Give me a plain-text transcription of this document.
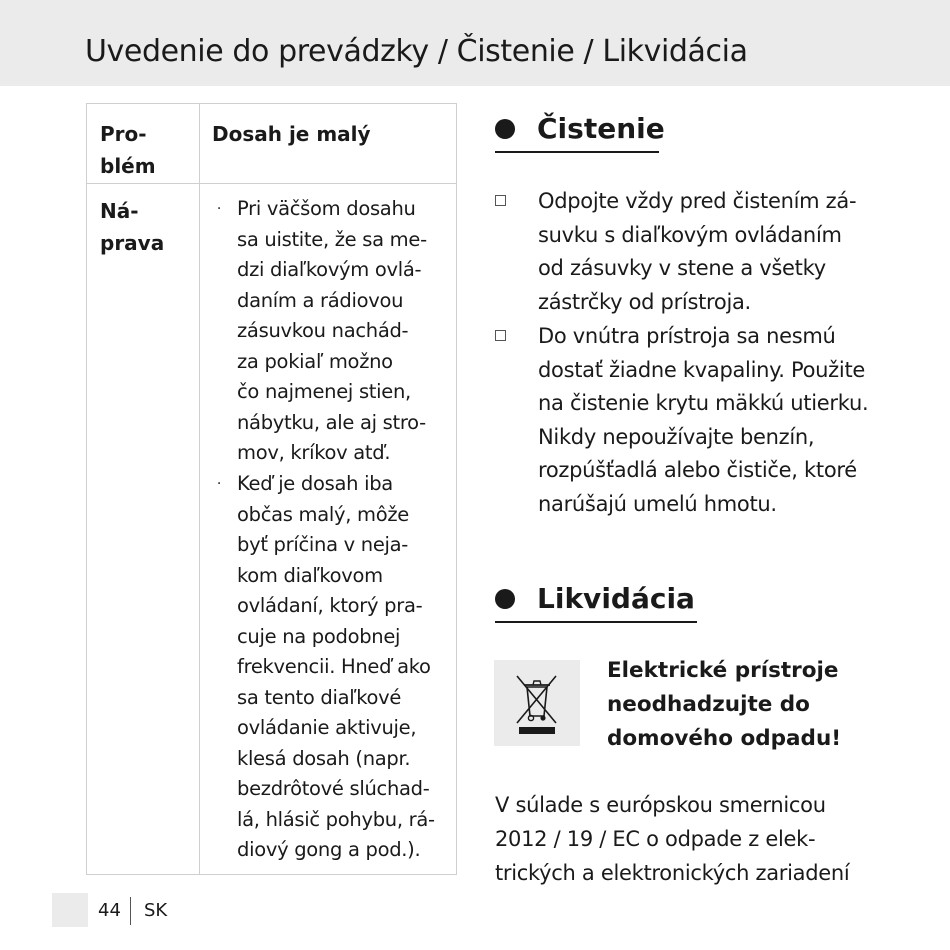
Uvedenie do prevádzky / Čistenie / Likvidácia
Pro-
blém
Dosah je malý
Ná-
prava
· Pri väčšom dosahu
sa uistite, že sa me-
dzi diaľkovým ovlá-
daním a rádiovou
zásuvkou nachád-
za pokiaľ možno
čo najmenej stien,
nábytku, ale aj stro-
mov, kríkov atď.
· Keď je dosah iba
občas malý, môže
byť príčina v neja-
kom diaľkovom
ovládaní, ktorý pra-
cuje na podobnej
frekvencii. Hneď ako
sa tento diaľkové
ovládanie aktivuje,
klesá dosah (napr.
bezdrôtové slúchad-
lá, hlásič pohybu, rá-
diový gong a pod.).
Čistenie
Odpojte vždy pred čistením zá-
suvku s diaľkovým ovládaním
od zásuvky v stene a všetky
zástrčky od prístroja.
Do vnútra prístroja sa nesmú
dostať žiadne kvapaliny. Použite
na čistenie krytu mäkkú utierku.
Nikdy nepoužívajte benzín,
rozpúšťadlá alebo čističe, ktoré
narúšajú umelú hmotu.
Likvidácia
Elektrické prístroje
neodhadzujte do
domového odpadu!
V súlade s európskou smernicou
2012 / 19 / EC o odpade z elek-
trických a elektronických zariadení
44 SK
